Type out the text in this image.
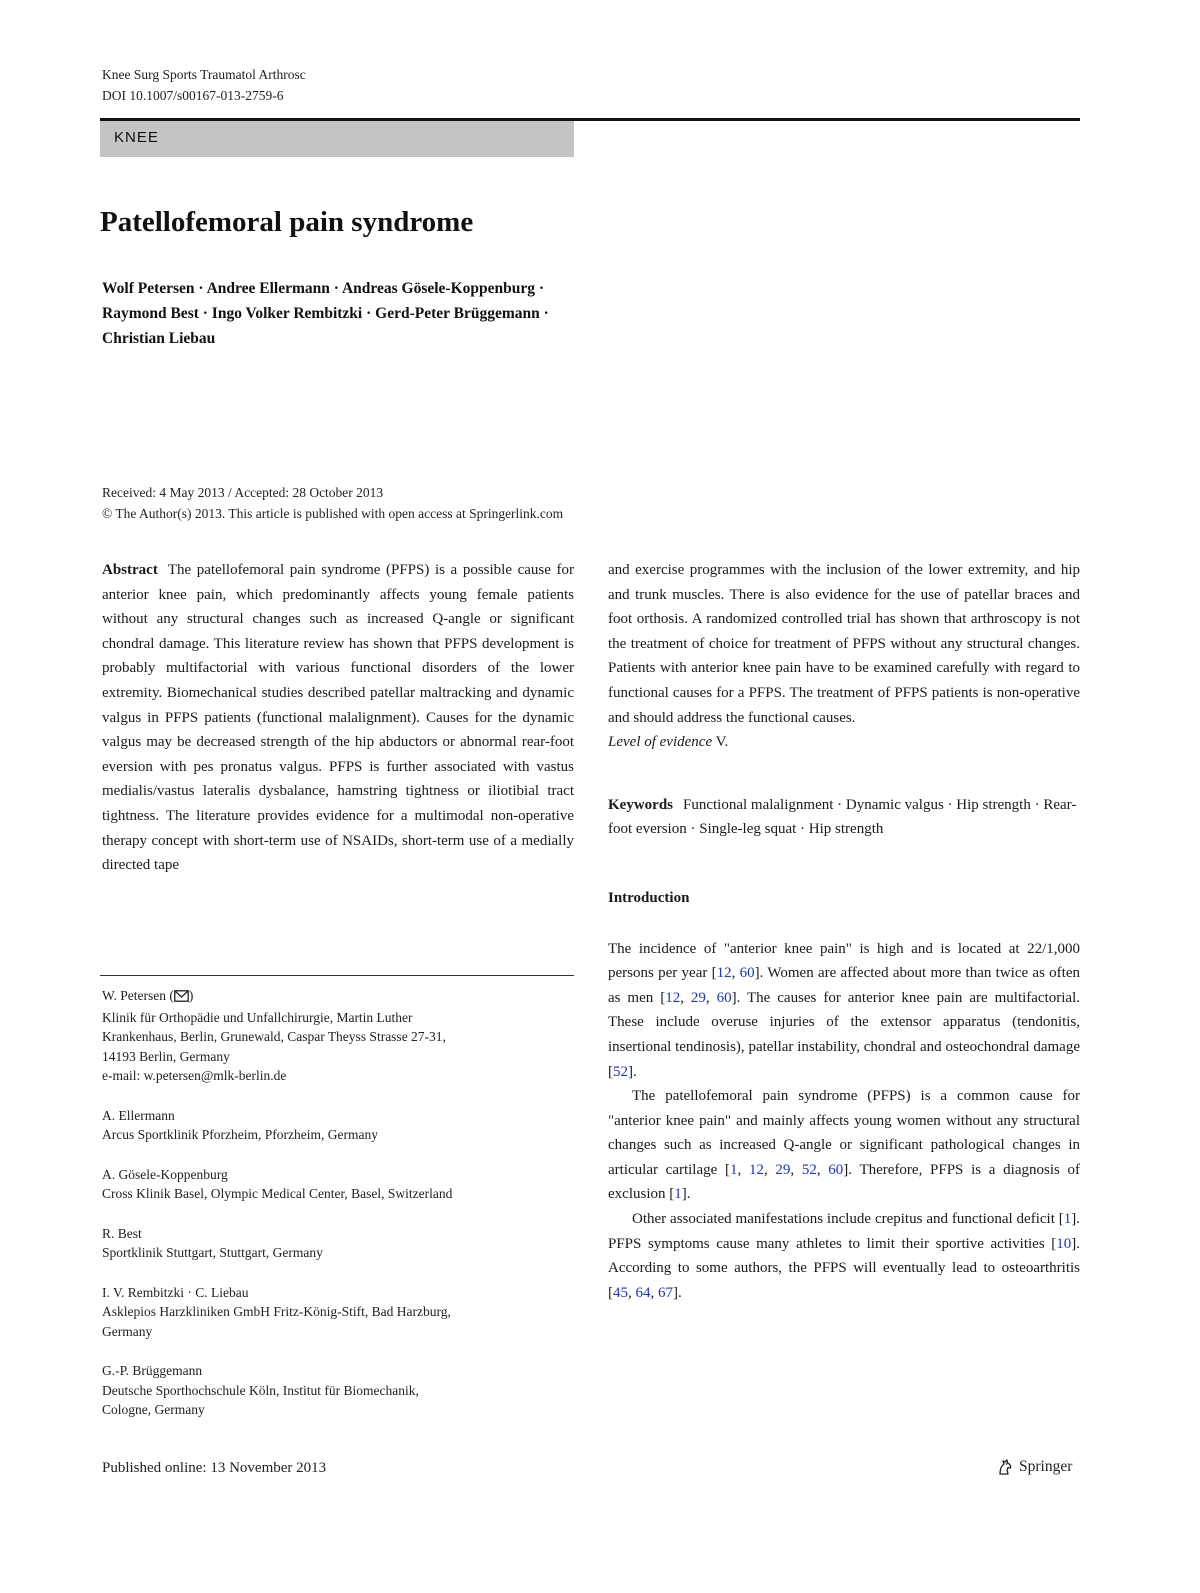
Knee Surg Sports Traumatol Arthrosc
DOI 10.1007/s00167-013-2759-6
KNEE
Patellofemoral pain syndrome
Wolf Petersen · Andree Ellermann · Andreas Gösele-Koppenburg ·
Raymond Best · Ingo Volker Rembitzki · Gerd-Peter Brüggemann ·
Christian Liebau
Received: 4 May 2013 / Accepted: 28 October 2013
© The Author(s) 2013. This article is published with open access at Springerlink.com

Abstract The patellofemoral pain syndrome (PFPS) is a possible cause for anterior knee pain, which predominantly affects young female patients without any structural changes such as increased Q-angle or significant chondral damage. This literature review has shown that PFPS development is probably multifactorial with various functional disorders of the lower extremity. Biomechanical studies described patellar maltracking and dynamic valgus in PFPS patients (functional malalignment). Causes for the dynamic valgus may be decreased strength of the hip abductors or abnormal rear-foot eversion with pes pronatus valgus. PFPS is further associated with vastus medialis/vastus lateralis dysbalance, hamstring tightness or iliotibial tract tightness. The literature provides evidence for a multimodal non-operative therapy concept with short-term use of NSAIDs, short-term use of a medially directed tape

W. Petersen ( )
Klinik für Orthopädie und Unfallchirurgie, Martin Luther
Krankenhaus, Berlin, Grunewald, Caspar Theyss Strasse 27-31,
14193 Berlin, Germany
e-mail: w.petersen@mlk-berlin.de
A. Ellermann
Arcus Sportklinik Pforzheim, Pforzheim, Germany
A. Gösele-Koppenburg
Cross Klinik Basel, Olympic Medical Center, Basel, Switzerland
R. Best
Sportklinik Stuttgart, Stuttgart, Germany
I. V. Rembitzki · C. Liebau
Asklepios Harzkliniken GmbH Fritz-König-Stift, Bad Harzburg,
Germany
G.-P. Brüggemann
Deutsche Sporthochschule Köln, Institut für Biomechanik,
Cologne, Germany

and exercise programmes with the inclusion of the lower extremity, and hip and trunk muscles. There is also evidence for the use of patellar braces and foot orthosis. A randomized controlled trial has shown that arthroscopy is not the treatment of choice for treatment of PFPS without any structural changes. Patients with anterior knee pain have to be examined carefully with regard to functional causes for a PFPS. The treatment of PFPS patients is non-operative and should address the functional causes.

Level of evidence V.

Keywords Functional malalignment · Dynamic valgus · Hip strength · Rear-foot eversion · Single-leg squat · Hip strength

Introduction

The incidence of "anterior knee pain" is high and is located at 22/1,000 persons per year [12, 60]. Women are affected about more than twice as often as men [12, 29, 60]. The causes for anterior knee pain are multifactorial. These include overuse injuries of the extensor apparatus (tendonitis, insertional tendinosis), patellar instability, chondral and osteochondral damage [52].

The patellofemoral pain syndrome (PFPS) is a common cause for "anterior knee pain" and mainly affects young women without any structural changes such as increased Q-angle or significant pathological changes in articular cartilage [1, 12, 29, 52, 60]. Therefore, PFPS is a diagnosis of exclusion [1].

Other associated manifestations include crepitus and functional deficit [1]. PFPS symptoms cause many athletes to limit their sportive activities [10]. According to some authors, the PFPS will eventually lead to osteoarthritis [45, 64, 67].

Published online: 13 November 2013	Springer
